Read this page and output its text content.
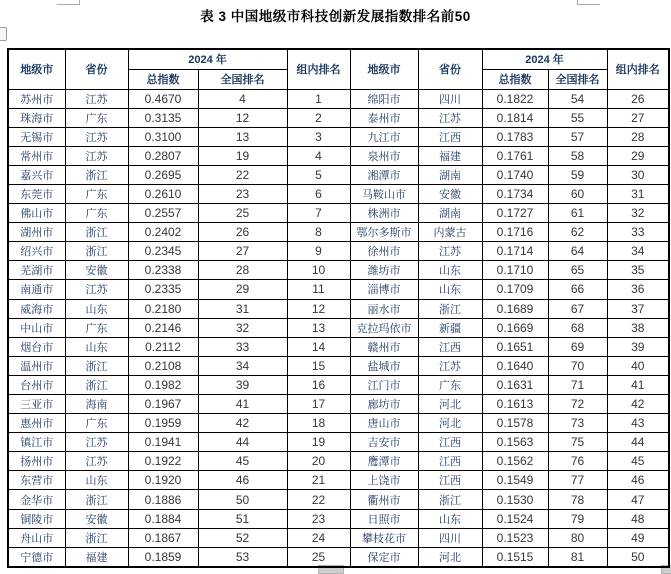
表 3 中国地级市科技创新发展指数排名前50
地级市	省份	2024 年		组内排名	地级市	省份	2024 年		组内排名
		总指数	全国排名				总指数	全国排名	
苏州市	江苏	0.4670	4	1	绵阳市	四川	0.1822	54	26
珠海市	广东	0.3135	12	2	泰州市	江苏	0.1814	55	27
无锡市	江苏	0.3100	13	3	九江市	江西	0.1783	57	28
常州市	江苏	0.2807	19	4	泉州市	福建	0.1761	58	29
嘉兴市	浙江	0.2695	22	5	湘潭市	湖南	0.1740	59	30
东莞市	广东	0.2610	23	6	马鞍山市	安徽	0.1734	60	31
佛山市	广东	0.2557	25	7	株洲市	湖南	0.1727	61	32
湖州市	浙江	0.2402	26	8	鄂尔多斯市	内蒙古	0.1716	62	33
绍兴市	浙江	0.2345	27	9	徐州市	江苏	0.1714	64	34
芜湖市	安徽	0.2338	28	10	潍坊市	山东	0.1710	65	35
南通市	江苏	0.2335	29	11	淄博市	山东	0.1709	66	36
威海市	山东	0.2180	31	12	丽水市	浙江	0.1689	67	37
中山市	广东	0.2146	32	13	克拉玛依市	新疆	0.1669	68	38
烟台市	山东	0.2112	33	14	赣州市	江西	0.1651	69	39
温州市	浙江	0.2108	34	15	盐城市	江苏	0.1640	70	40
台州市	浙江	0.1982	39	16	江门市	广东	0.1631	71	41
三亚市	海南	0.1967	41	17	廊坊市	河北	0.1613	72	42
惠州市	广东	0.1959	42	18	唐山市	河北	0.1578	73	43
镇江市	江苏	0.1941	44	19	吉安市	江西	0.1563	75	44
扬州市	江苏	0.1922	45	20	鹰潭市	江西	0.1562	76	45
东营市	山东	0.1920	46	21	上饶市	江西	0.1549	77	46
金华市	浙江	0.1886	50	22	衢州市	浙江	0.1530	78	47
铜陵市	安徽	0.1884	51	23	日照市	山东	0.1524	79	48
舟山市	浙江	0.1867	52	24	攀枝花市	四川	0.1523	80	49
宁德市	福建	0.1859	53	25	保定市	河北	0.1515	81	50
